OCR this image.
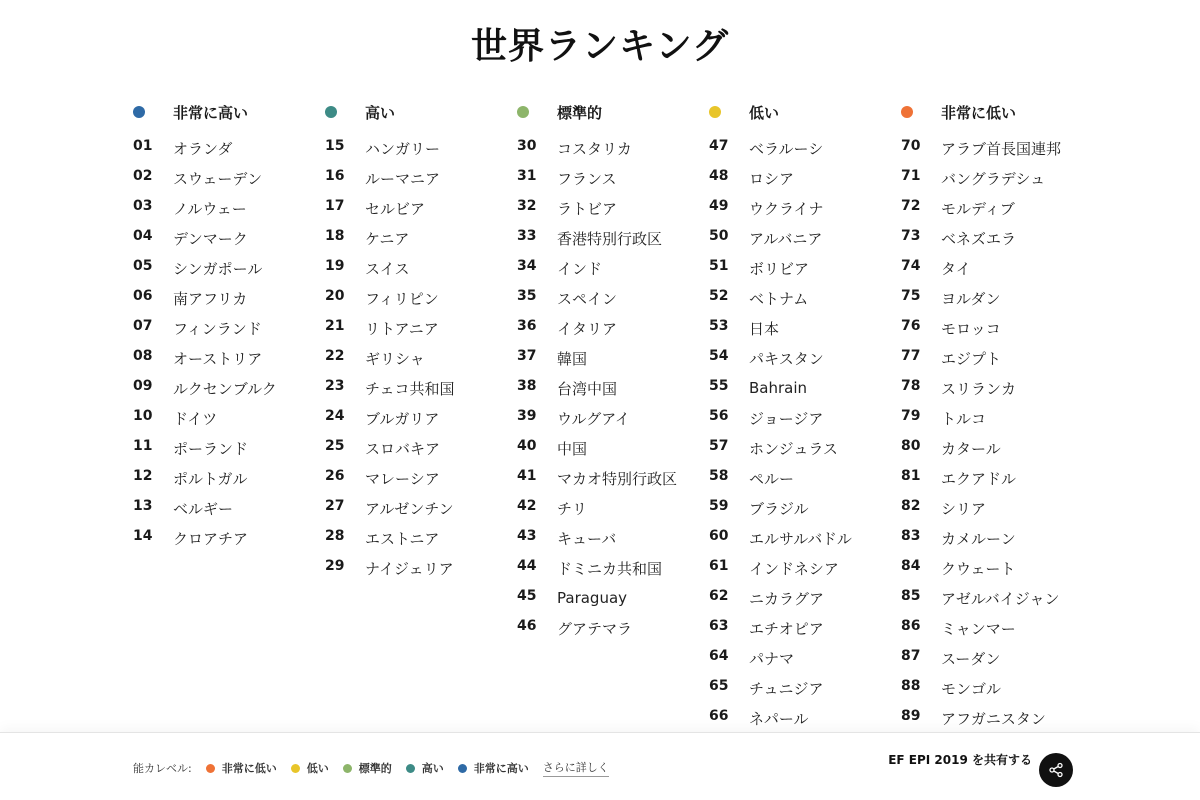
世界ランキング
非常に高い
01	オランダ
02	スウェーデン
03	ノルウェー
04	デンマーク
05	シンガポール
06	南アフリカ
07	フィンランド
08	オーストリア
09	ルクセンブルク
10	ドイツ
11	ポーランド
12	ポルトガル
13	ベルギー
14	クロアチア
高い
15	ハンガリー
16	ルーマニア
17	セルビア
18	ケニア
19	スイス
20	フィリピン
21	リトアニア
22	ギリシャ
23	チェコ共和国
24	ブルガリア
25	スロバキア
26	マレーシア
27	アルゼンチン
28	エストニア
29	ナイジェリア
標準的
30	コスタリカ
31	フランス
32	ラトビア
33	香港特別行政区
34	インド
35	スペイン
36	イタリア
37	韓国
38	台湾中国
39	ウルグアイ
40	中国
41	マカオ特別行政区
42	チリ
43	キューバ
44	ドミニカ共和国
45	Paraguay
46	グアテマラ
低い
47	ベラルーシ
48	ロシア
49	ウクライナ
50	アルバニア
51	ボリビア
52	ベトナム
53	日本
54	パキスタン
55	Bahrain
56	ジョージア
57	ホンジュラス
58	ペルー
59	ブラジル
60	エルサルバドル
61	インドネシア
62	ニカラグア
63	エチオピア
64	パナマ
65	チュニジア
66	ネパール
非常に低い
70	アラブ首長国連邦
71	バングラデシュ
72	モルディブ
73	ベネズエラ
74	タイ
75	ヨルダン
76	モロッコ
77	エジプト
78	スリランカ
79	トルコ
80	カタール
81	エクアドル
82	シリア
83	カメルーン
84	クウェート
85	アゼルバイジャン
86	ミャンマー
87	スーダン
88	モンゴル
89	アフガニスタン
能カレベル:	非常に低い	低い	標準的	高い	非常に高い さらに詳しく
EF EPI 2019 を共有する
